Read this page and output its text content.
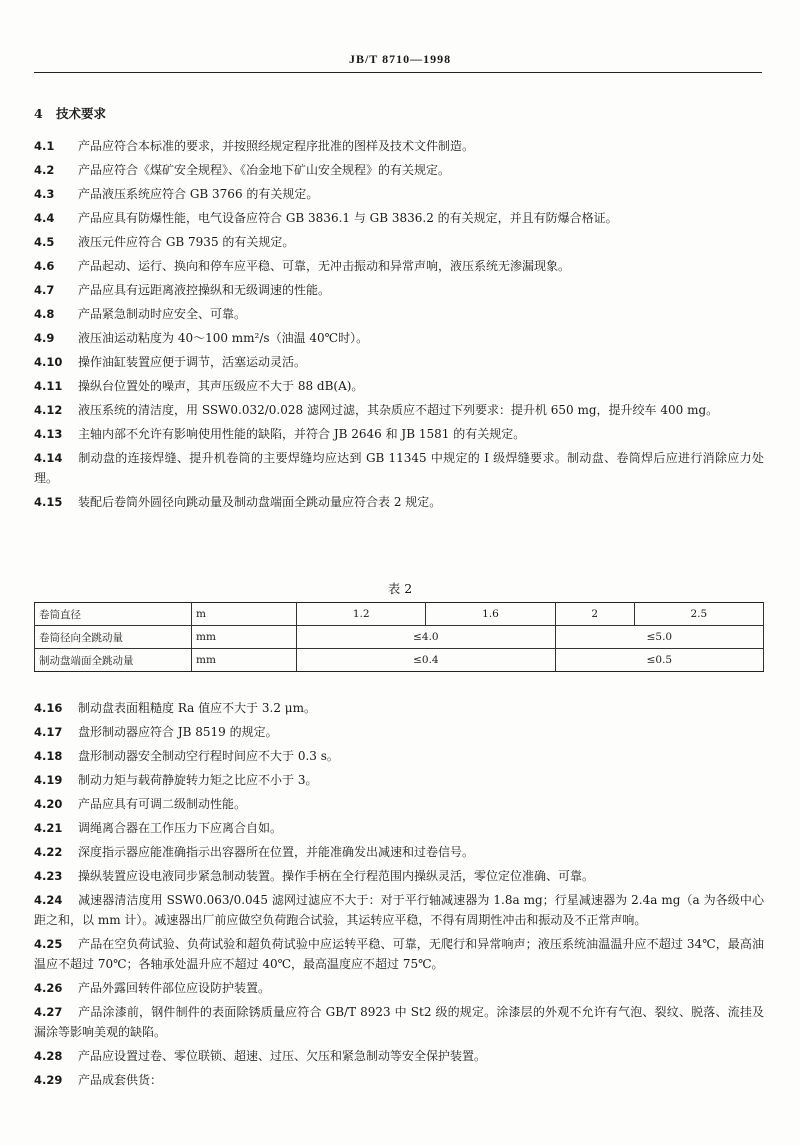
JB/T 8710—1998
4 技术要求
4.1 产品应符合本标准的要求，并按照经规定程序批准的图样及技术文件制造。
4.2 产品应符合《煤矿安全规程》、《冶金地下矿山安全规程》的有关规定。
4.3 产品液压系统应符合 GB 3766 的有关规定。
4.4 产品应具有防爆性能，电气设备应符合 GB 3836.1 与 GB 3836.2 的有关规定，并且有防爆合格证。
4.5 液压元件应符合 GB 7935 的有关规定。
4.6 产品起动、运行、换向和停车应平稳、可靠，无冲击振动和异常声响，液压系统无渗漏现象。
4.7 产品应具有远距离液控操纵和无级调速的性能。
4.8 产品紧急制动时应安全、可靠。
4.9 液压油运动粘度为 40～100 mm²/s（油温 40℃时）。
4.10 操作油缸装置应便于调节，活塞运动灵活。
4.11 操纵台位置处的噪声，其声压级应不大于 88 dB(A)。
4.12 液压系统的清洁度，用 SSW0.032/0.028 滤网过滤，其杂质应不超过下列要求：提升机 650 mg，提升绞车 400 mg。
4.13 主轴内部不允许有影响使用性能的缺陷，并符合 JB 2646 和 JB 1581 的有关规定。
4.14 制动盘的连接焊缝、提升机卷筒的主要焊缝均应达到 GB 11345 中规定的 I 级焊缝要求。制动盘、卷筒焊后应进行消除应力处理。
4.15 装配后卷筒外圆径向跳动量及制动盘端面全跳动量应符合表 2 规定。
表 2
卷筒直径	m	1.2	1.6	2	2.5
卷筒径向全跳动量	mm	≤4.0		≤5.0	
制动盘端面全跳动量	mm	≤0.4		≤0.5	
4.16 制动盘表面粗糙度 Ra 值应不大于 3.2 μm。
4.17 盘形制动器应符合 JB 8519 的规定。
4.18 盘形制动器安全制动空行程时间应不大于 0.3 s。
4.19 制动力矩与载荷静旋转力矩之比应不小于 3。
4.20 产品应具有可调二级制动性能。
4.21 调绳离合器在工作压力下应离合自如。
4.22 深度指示器应能准确指示出容器所在位置，并能准确发出减速和过卷信号。
4.23 操纵装置应设电液同步紧急制动装置。操作手柄在全行程范围内操纵灵活，零位定位准确、可靠。
4.24 减速器清洁度用 SSW0.063/0.045 滤网过滤应不大于：对于平行轴减速器为 1.8a mg；行星减速器为 2.4a mg（a 为各级中心距之和，以 mm 计）。减速器出厂前应做空负荷跑合试验，其运转应平稳，不得有周期性冲击和振动及不正常声响。
4.25 产品在空负荷试验、负荷试验和超负荷试验中应运转平稳、可靠，无爬行和异常响声；液压系统油温温升应不超过 34℃，最高油温应不超过 70℃；各轴承处温升应不超过 40℃，最高温度应不超过 75℃。
4.26 产品外露回转件部位应设防护装置。
4.27 产品涂漆前，钢件制件的表面除锈质量应符合 GB/T 8923 中 St2 级的规定。涂漆层的外观不允许有气泡、裂纹、脱落、流挂及漏涂等影响美观的缺陷。
4.28 产品应设置过卷、零位联锁、超速、过压、欠压和紧急制动等安全保护装置。
4.29 产品成套供货：
